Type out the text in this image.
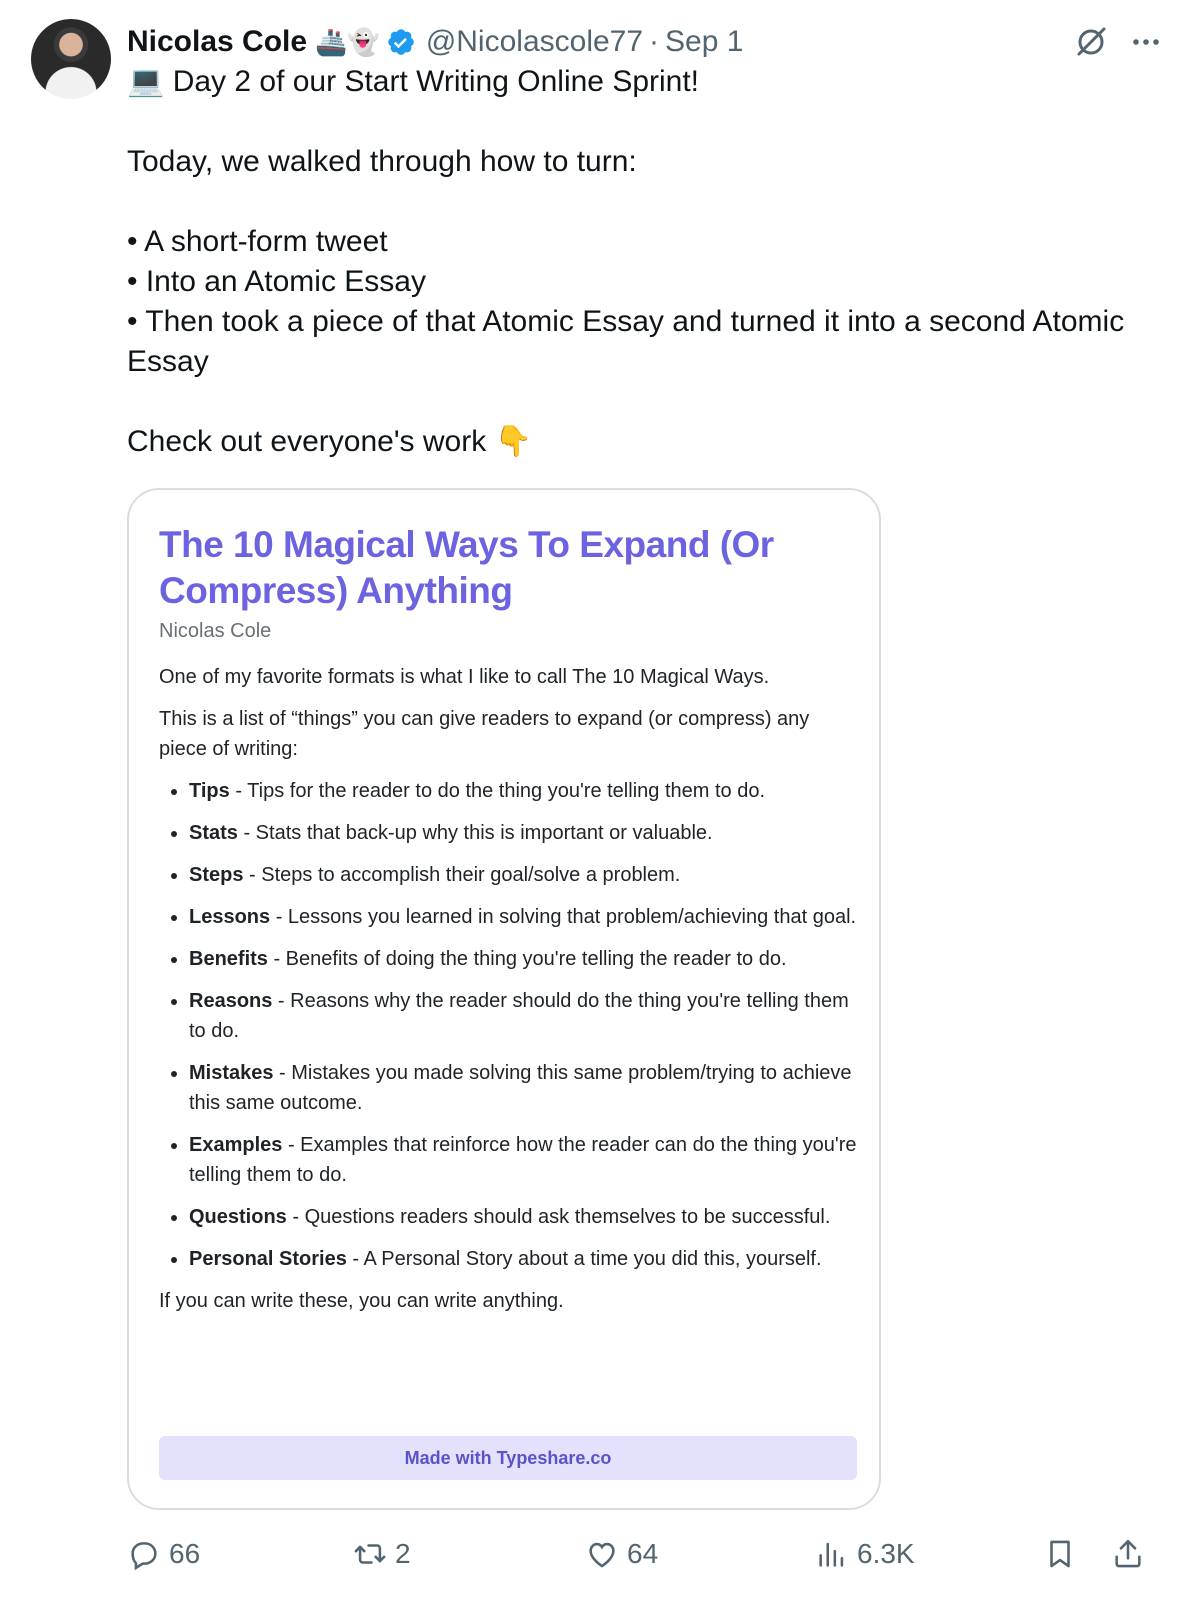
Nicolas Cole 🚢👻 @Nicolascole77 · Sep 1

💻 Day 2 of our Start Writing Online Sprint!

Today, we walked through how to turn:

• A short-form tweet

• Into an Atomic Essay

• Then took a piece of that Atomic Essay and turned it into a second Atomic Essay

Check out everyone's work 👇

The 10 Magical Ways To Expand (Or Compress) Anything
Nicolas Cole

One of my favorite formats is what I like to call The 10 Magical Ways.

This is a list of “things” you can give readers to expand (or compress) any piece of writing:

• Tips - Tips for the reader to do the thing you're telling them to do.
• Stats - Stats that back-up why this is important or valuable.
• Steps - Steps to accomplish their goal/solve a problem.
• Lessons - Lessons you learned in solving that problem/achieving that goal.
• Benefits - Benefits of doing the thing you're telling the reader to do.
• Reasons - Reasons why the reader should do the thing you're telling them to do.
• Mistakes - Mistakes you made solving this same problem/trying to achieve this same outcome.
• Examples - Examples that reinforce how the reader can do the thing you're telling them to do.
• Questions - Questions readers should ask themselves to be successful.
• Personal Stories - A Personal Story about a time you did this, yourself.

If you can write these, you can write anything.

Made with Typeshare.co
66	2	64	6.3K
